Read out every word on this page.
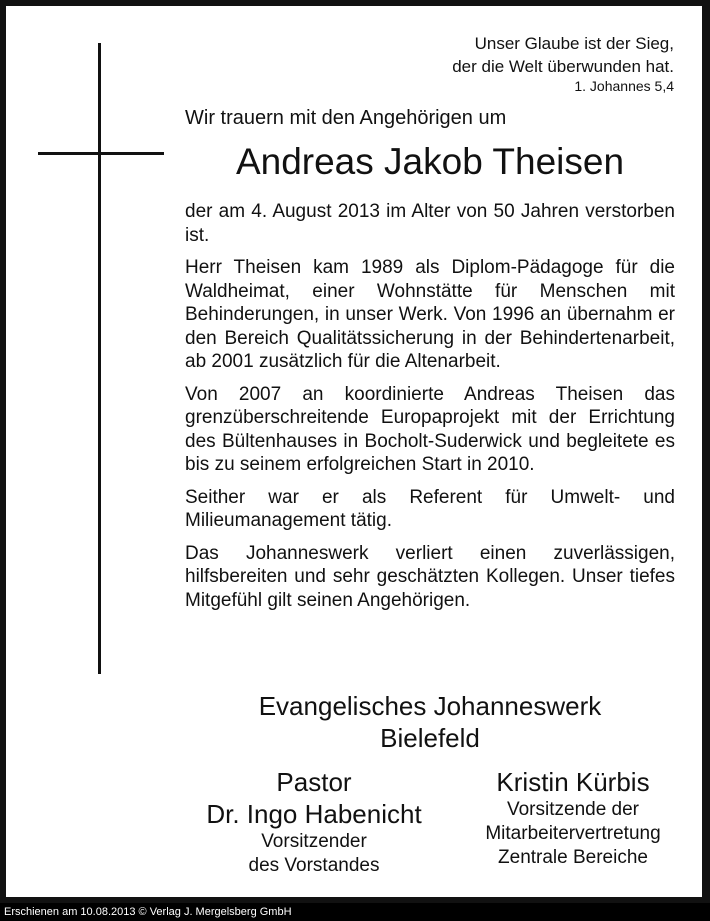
Unser Glaube ist der Sieg,
der die Welt überwunden hat.
1. Johannes 5,4
Wir trauern mit den Angehörigen um
Andreas Jakob Theisen

der am 4. August 2013 im Alter von 50 Jahren verstorben ist.

Herr Theisen kam 1989 als Diplom-Pädagoge für die Waldheimat, einer Wohnstätte für Menschen mit Behinderungen, in unser Werk. Von 1996 an übernahm er den Bereich Qualitätssicherung in der Behindertenarbeit, ab 2001 zusätzlich für die Altenarbeit.

Von 2007 an koordinierte Andreas Theisen das grenzüberschreitende Europaprojekt mit der Errichtung des Bültenhauses in Bocholt-Suderwick und begleitete es bis zu seinem erfolgreichen Start in 2010.

Seither war er als Referent für Umwelt- und Milieumanagement tätig.

Das Johanneswerk verliert einen zuverlässigen, hilfsbereiten und sehr geschätzten Kollegen. Unser tiefes Mitgefühl gilt seinen Angehörigen.

Evangelisches Johanneswerk
Bielefeld
Pastor
Dr. Ingo Habenicht
Vorsitzender
des Vorstandes
Kristin Kürbis
Vorsitzende der
Mitarbeitervertretung
Zentrale Bereiche
Erschienen am 10.08.2013 © Verlag J. Mergelsberg GmbH
